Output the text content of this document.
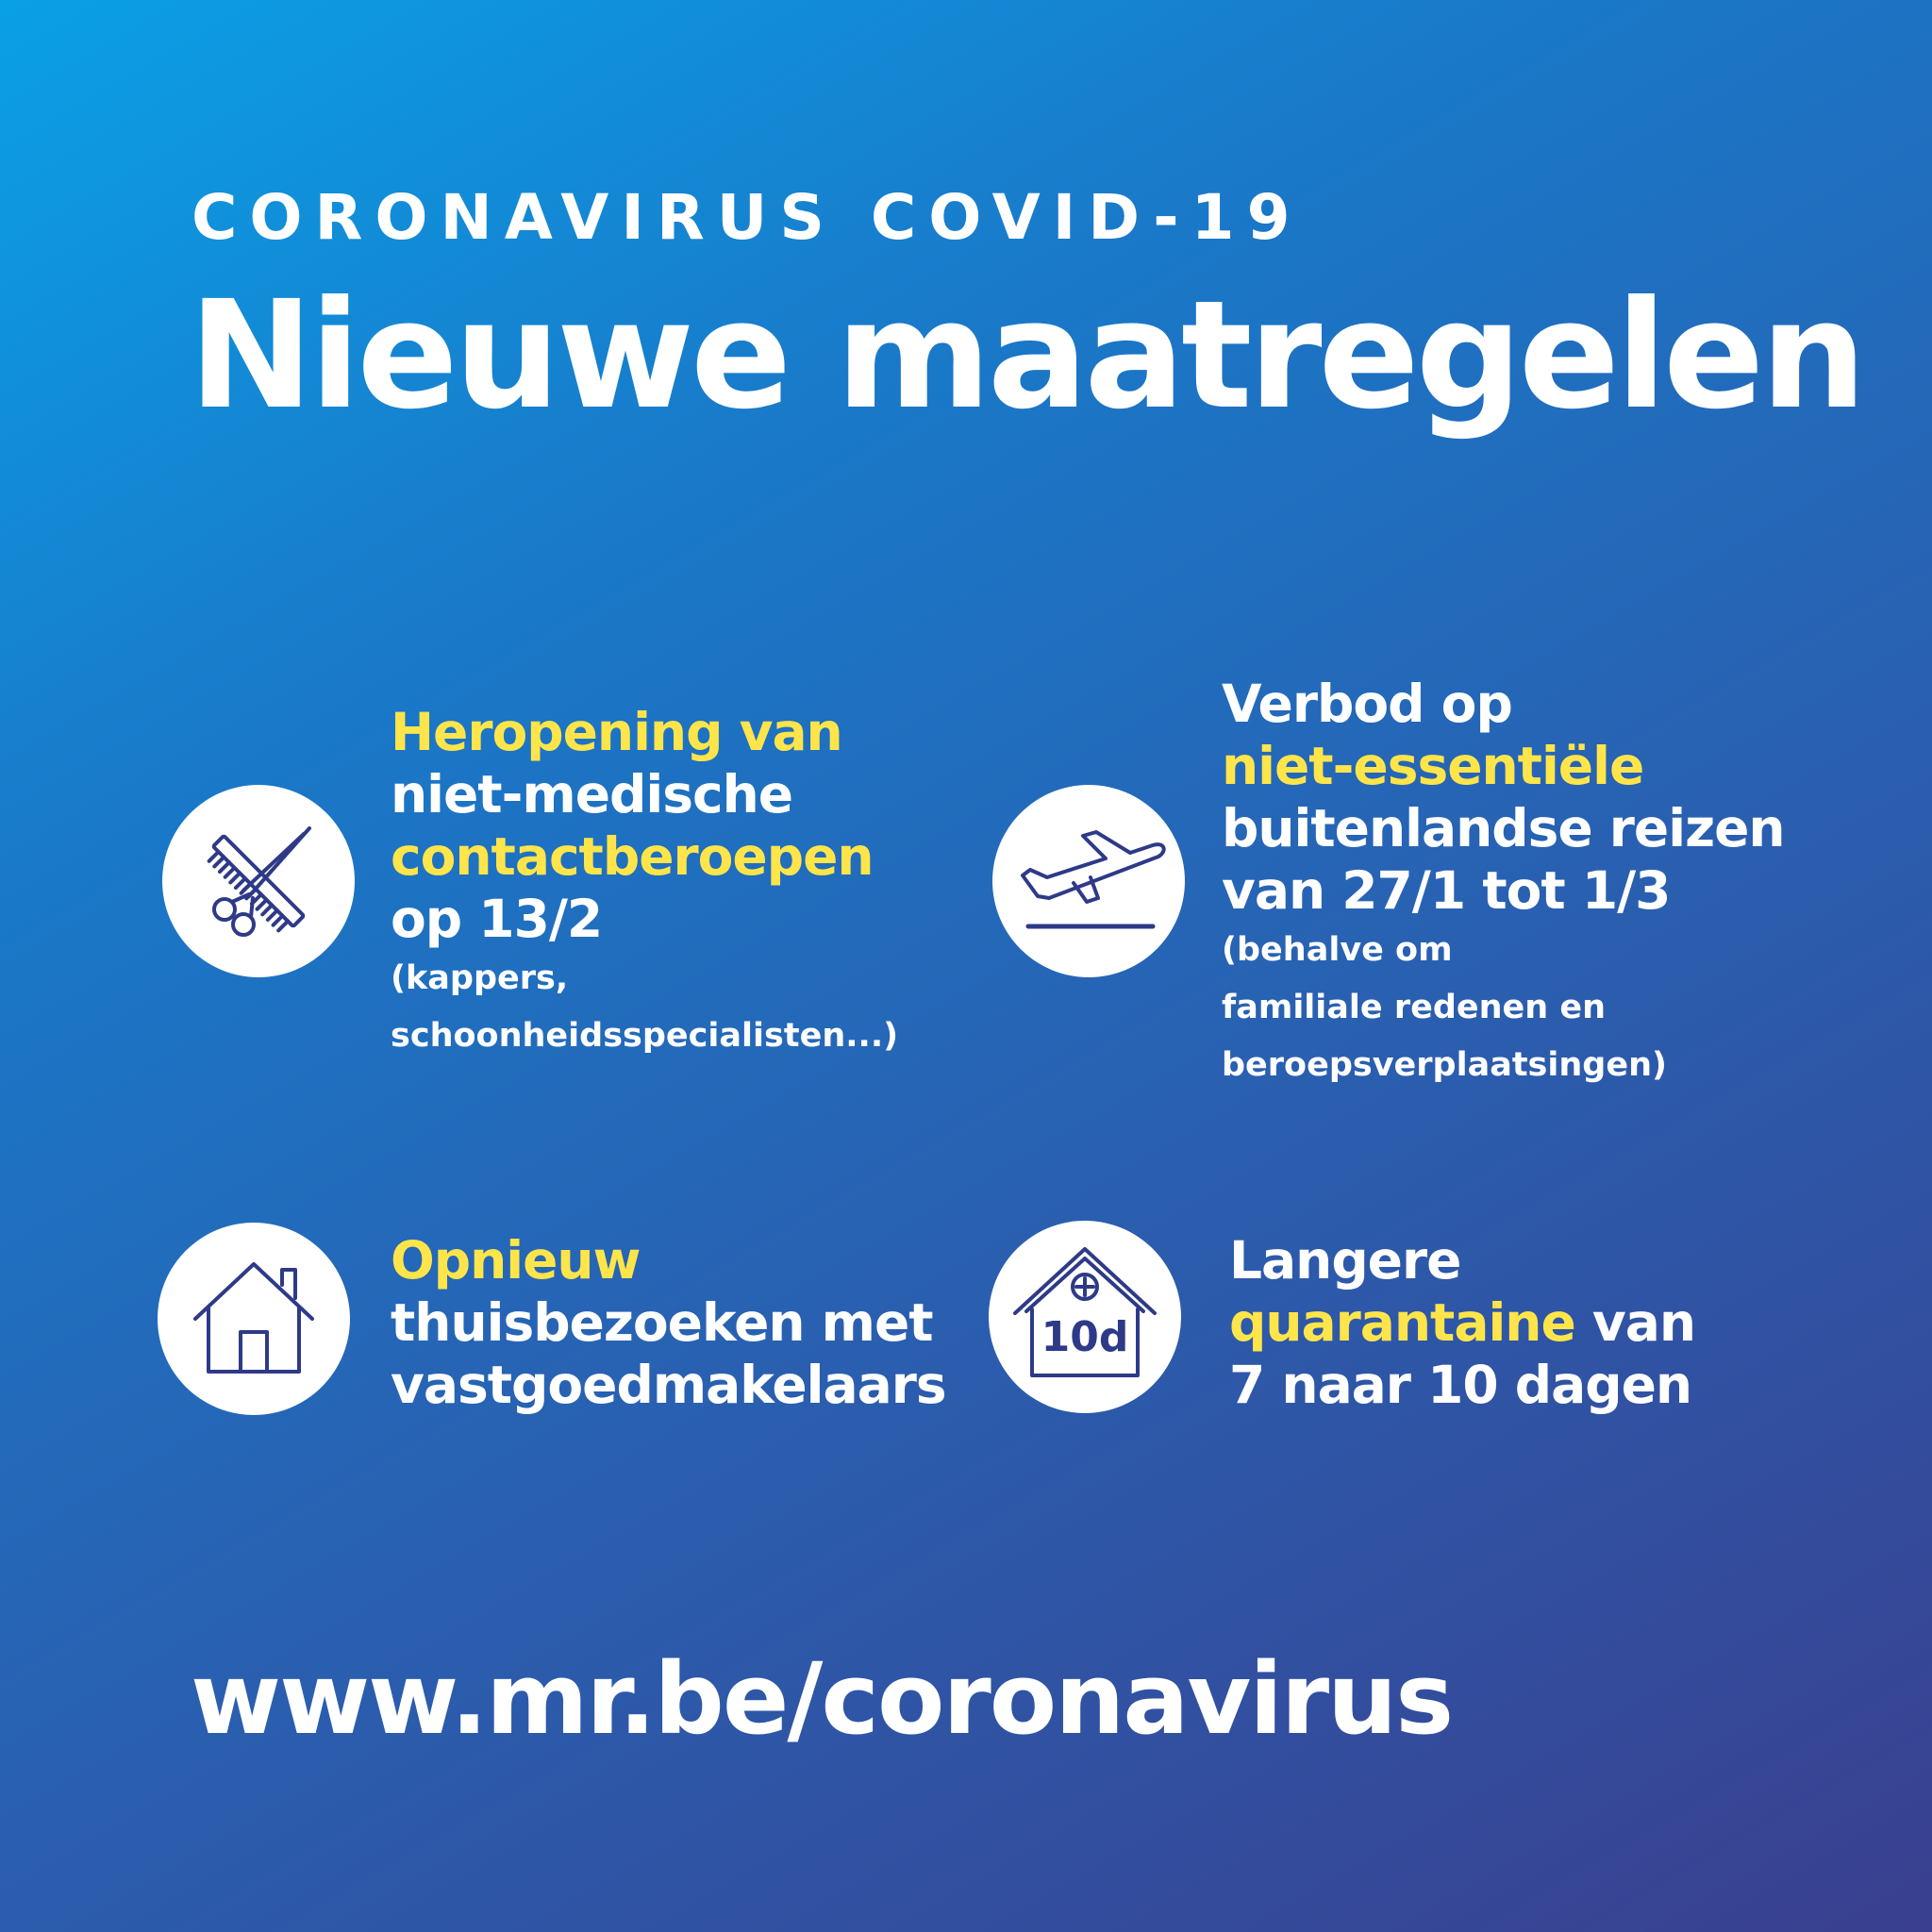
CORONAVIRUS COVID-19
Nieuwe maatregelen
Heropening van
niet-medische
contactberoepen
op 13/2
(kappers,
schoonheidsspecialisten...)
Verbod op
niet-essentiële
buitenlandse reizen
van 27/1 tot 1/3
(behalve om
familiale redenen en
beroepsverplaatsingen)
Opnieuw
thuisbezoeken met
vastgoedmakelaars
10d
Langere
quarantaine van
7 naar 10 dagen
www.mr.be/coronavirus
